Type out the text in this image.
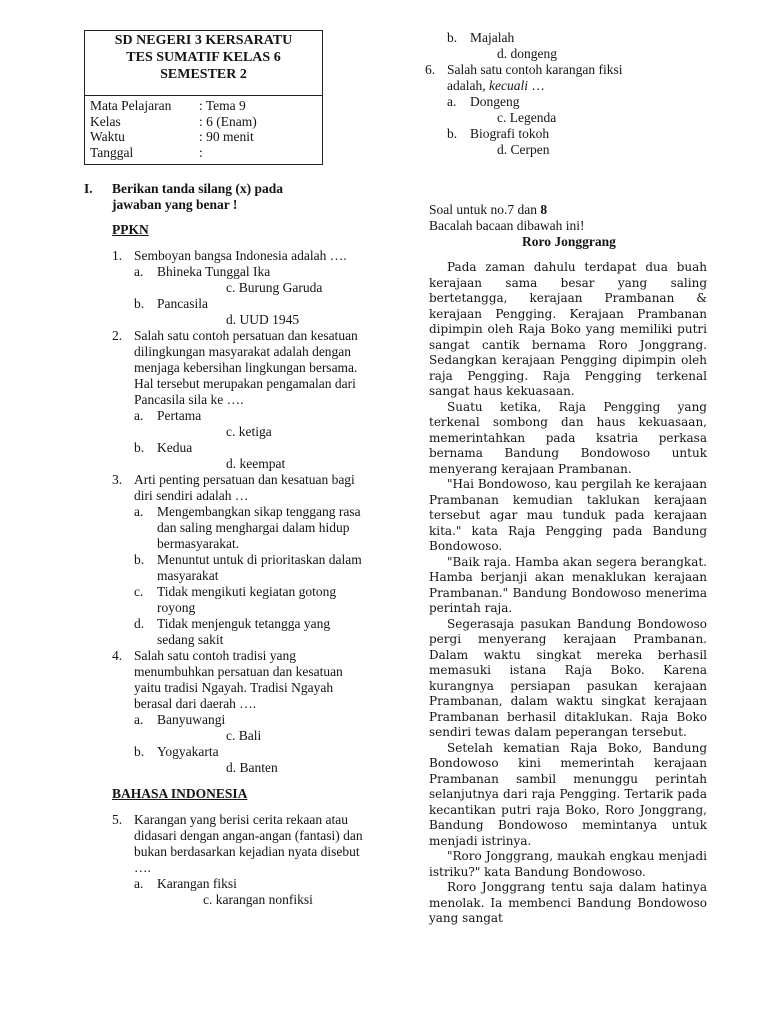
SD NEGERI 3 KERSARATU
TES SUMATIF KELAS 6
SEMESTER 2
Mata Pelajaran	: Tema 9
Kelas	: 6 (Enam)
Waktu	: 90 menit
Tanggal	:
I.	Berikan tanda silang (x) pada jawaban yang benar !
PPKN
1. Semboyan bangsa Indonesia adalah ….
a.	Bhineka Tunggal Ika
c. Burung Garuda
b. Pancasila
d. UUD 1945
2. Salah satu contoh persatuan dan kesatuan dilingkungan masyarakat adalah dengan menjaga kebersihan lingkungan bersama. Hal tersebut merupakan pengamalan dari Pancasila sila ke ….
a.	Pertama
c. ketiga
b. Kedua
d. keempat
3. Arti penting persatuan dan kesatuan bagi diri sendiri adalah …
a.	Mengembangkan sikap tenggang rasa dan saling menghargai dalam hidup bermasyarakat.
b. Menuntut untuk di prioritaskan dalam masyarakat
c.	Tidak mengikuti kegiatan gotong royong
d. Tidak menjenguk tetangga yang sedang sakit
4. Salah satu contoh tradisi yang menumbuhkan persatuan dan kesatuan yaitu tradisi Ngayah. Tradisi Ngayah berasal dari daerah ….
a.	Banyuwangi
c. Bali
b. Yogyakarta
d. Banten
BAHASA INDONESIA
5. Karangan yang berisi cerita rekaan atau didasari dengan angan-angan (fantasi) dan bukan berdasarkan kejadian nyata disebut ….
a.	Karangan fiksi
c. karangan nonfiksi
b. Majalah
d. dongeng
6. Salah satu contoh karangan fiksi adalah, kecuali …
a.	Dongeng
c. Legenda
b. Biografi tokoh
d. Cerpen
Soal untuk no.7 dan 8
Bacalah bacaan dibawah ini!
Roro Jonggrang

Pada zaman dahulu terdapat dua buah kerajaan sama besar yang saling bertetangga, kerajaan Prambanan & kerajaan Pengging. Kerajaan Prambanan dipimpin oleh Raja Boko yang memiliki putri sangat cantik bernama Roro Jonggrang. Sedangkan kerajaan Pengging dipimpin oleh raja Pengging. Raja Pengging terkenal sangat haus kekuasaan.

Suatu ketika, Raja Pengging yang terkenal sombong dan haus kekuasaan, memerintahkan pada ksatria perkasa bernama Bandung Bondowoso untuk menyerang kerajaan Prambanan.

"Hai Bondowoso, kau pergilah ke kerajaan Prambanan kemudian taklukan kerajaan tersebut agar mau tunduk pada kerajaan kita." kata Raja Pengging pada Bandung Bondowoso.

"Baik raja. Hamba akan segera berangkat. Hamba berjanji akan menaklukan kerajaan Prambanan." Bandung Bondowoso menerima perintah raja.

Segerasaja pasukan Bandung Bondowoso pergi menyerang kerajaan Prambanan. Dalam waktu singkat mereka berhasil memasuki istana Raja Boko. Karena kurangnya persiapan pasukan kerajaan Prambanan, dalam waktu singkat kerajaan Prambanan berhasil ditaklukan. Raja Boko sendiri tewas dalam peperangan tersebut.

Setelah kematian Raja Boko, Bandung Bondowoso kini memerintah kerajaan Prambanan sambil menunggu perintah selanjutnya dari raja Pengging. Tertarik pada kecantikan putri raja Boko, Roro Jonggrang, Bandung Bondowoso memintanya untuk menjadi istrinya.

"Roro Jonggrang, maukah engkau menjadi istriku?" kata Bandung Bondowoso.

Roro Jonggrang tentu saja dalam hatinya menolak. Ia membenci Bandung Bondowoso yang sangat
